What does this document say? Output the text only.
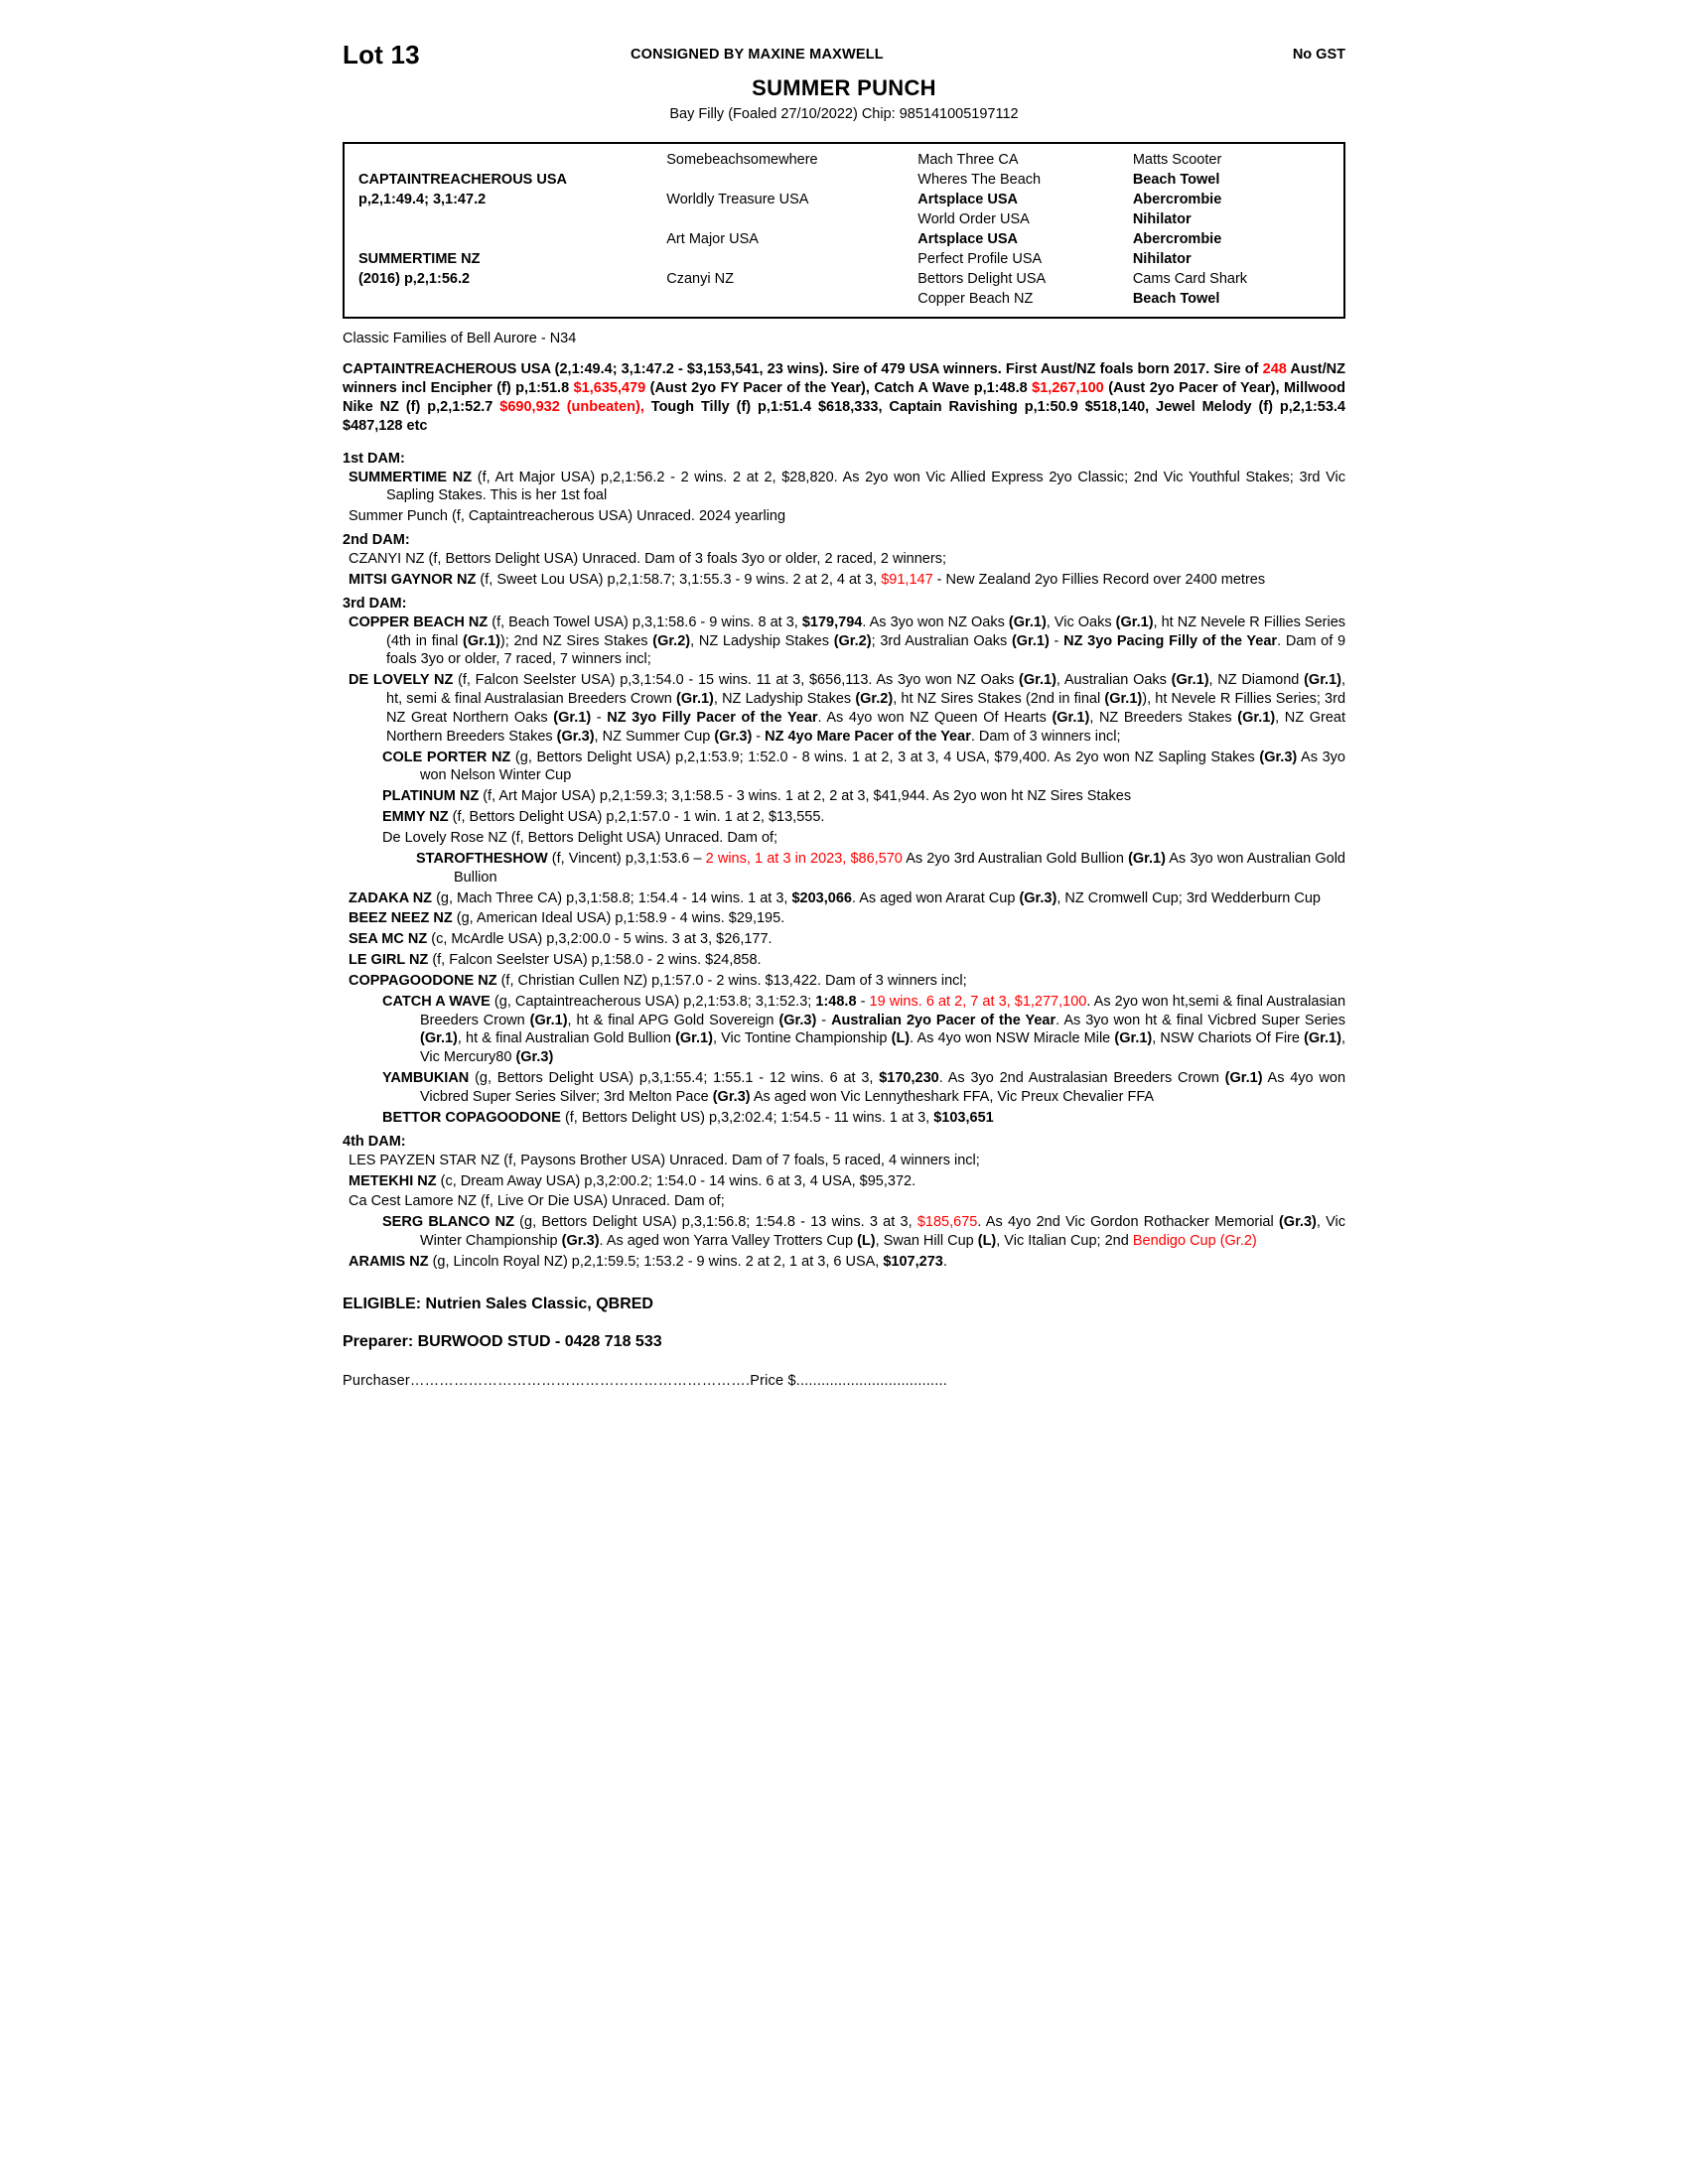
Lot 13	CONSIGNED BY MAXINE MAXWELL	No GST
SUMMER PUNCH
Bay Filly (Foaled 27/10/2022) Chip: 985141005197112
	Somebeachsomewhere	Mach Three CA	Matts Scooter
CAPTAINTREACHEROUS USA		Wheres The Beach	Beach Towel
p,2,1:49.4; 3,1:47.2	Worldly Treasure USA	Artsplace USA	Abercrombie
		World Order USA	Nihilator
	Art Major USA	Artsplace USA	Abercrombie
SUMMERTIME NZ		Perfect Profile USA	Nihilator
(2016) p,2,1:56.2	Czanyi NZ	Bettors Delight USA	Cams Card Shark
		Copper Beach NZ	Beach Towel
Classic Families of Bell Aurore - N34
CAPTAINTREACHEROUS USA (2,1:49.4; 3,1:47.2 - $3,153,541, 23 wins). Sire of 479 USA winners. First Aust/NZ foals born 2017. Sire of 248 Aust/NZ winners incl Encipher (f) p,1:51.8 $1,635,479 (Aust 2yo FY Pacer of the Year), Catch A Wave p,1:48.8 $1,267,100 (Aust 2yo Pacer of Year), Millwood Nike NZ (f) p,2,1:52.7 $690,932 (unbeaten), Tough Tilly (f) p,1:51.4 $618,333, Captain Ravishing p,1:50.9 $518,140, Jewel Melody (f) p,2,1:53.4 $487,128 etc
1st DAM:

SUMMERTIME NZ (f, Art Major USA) p,2,1:56.2 - 2 wins. 2 at 2, $28,820. As 2yo won Vic Allied Express 2yo Classic; 2nd Vic Youthful Stakes; 3rd Vic Sapling Stakes. This is her 1st foal

Summer Punch (f, Captaintreacherous USA) Unraced. 2024 yearling

2nd DAM:

CZANYI NZ (f, Bettors Delight USA) Unraced. Dam of 3 foals 3yo or older, 2 raced, 2 winners;

MITSI GAYNOR NZ (f, Sweet Lou USA) p,2,1:58.7; 3,1:55.3 - 9 wins. 2 at 2, 4 at 3, $91,147 - New Zealand 2yo Fillies Record over 2400 metres

3rd DAM:

COPPER BEACH NZ (f, Beach Towel USA) p,3,1:58.6 - 9 wins. 8 at 3, $179,794. As 3yo won NZ Oaks (Gr.1), Vic Oaks (Gr.1), ht NZ Nevele R Fillies Series (4th in final (Gr.1)); 2nd NZ Sires Stakes (Gr.2), NZ Ladyship Stakes (Gr.2); 3rd Australian Oaks (Gr.1) - NZ 3yo Pacing Filly of the Year. Dam of 9 foals 3yo or older, 7 raced, 7 winners incl;

DE LOVELY NZ (f, Falcon Seelster USA) p,3,1:54.0 - 15 wins. 11 at 3, $656,113. As 3yo won NZ Oaks (Gr.1), Australian Oaks (Gr.1), NZ Diamond (Gr.1), ht, semi & final Australasian Breeders Crown (Gr.1), NZ Ladyship Stakes (Gr.2), ht NZ Sires Stakes (2nd in final (Gr.1)), ht Nevele R Fillies Series; 3rd NZ Great Northern Oaks (Gr.1) - NZ 3yo Filly Pacer of the Year. As 4yo won NZ Queen Of Hearts (Gr.1), NZ Breeders Stakes (Gr.1), NZ Great Northern Breeders Stakes (Gr.3), NZ Summer Cup (Gr.3) - NZ 4yo Mare Pacer of the Year. Dam of 3 winners incl;

COLE PORTER NZ (g, Bettors Delight USA) p,2,1:53.9; 1:52.0 - 8 wins. 1 at 2, 3 at 3, 4 USA, $79,400. As 2yo won NZ Sapling Stakes (Gr.3) As 3yo won Nelson Winter Cup

PLATINUM NZ (f, Art Major USA) p,2,1:59.3; 3,1:58.5 - 3 wins. 1 at 2, 2 at 3, $41,944. As 2yo won ht NZ Sires Stakes

EMMY NZ (f, Bettors Delight USA) p,2,1:57.0 - 1 win. 1 at 2, $13,555.

De Lovely Rose NZ (f, Bettors Delight USA) Unraced. Dam of;

STAROFTHESHOW (f, Vincent) p,3,1:53.6 – 2 wins, 1 at 3 in 2023, $86,570 As 2yo 3rd Australian Gold Bullion (Gr.1) As 3yo won Australian Gold Bullion

ZADAKA NZ (g, Mach Three CA) p,3,1:58.8; 1:54.4 - 14 wins. 1 at 3, $203,066. As aged won Ararat Cup (Gr.3), NZ Cromwell Cup; 3rd Wedderburn Cup

BEEZ NEEZ NZ (g, American Ideal USA) p,1:58.9 - 4 wins. $29,195.

SEA MC NZ (c, McArdle USA) p,3,2:00.0 - 5 wins. 3 at 3, $26,177.

LE GIRL NZ (f, Falcon Seelster USA) p,1:58.0 - 2 wins. $24,858.

COPPAGOODONE NZ (f, Christian Cullen NZ) p,1:57.0 - 2 wins. $13,422. Dam of 3 winners incl;

CATCH A WAVE (g, Captaintreacherous USA) p,2,1:53.8; 3,1:52.3; 1:48.8 - 19 wins. 6 at 2, 7 at 3, $1,277,100. As 2yo won ht,semi & final Australasian Breeders Crown (Gr.1), ht & final APG Gold Sovereign (Gr.3) - Australian 2yo Pacer of the Year. As 3yo won ht & final Vicbred Super Series (Gr.1), ht & final Australian Gold Bullion (Gr.1), Vic Tontine Championship (L). As 4yo won NSW Miracle Mile (Gr.1), NSW Chariots Of Fire (Gr.1), Vic Mercury80 (Gr.3)

YAMBUKIAN (g, Bettors Delight USA) p,3,1:55.4; 1:55.1 - 12 wins. 6 at 3, $170,230. As 3yo 2nd Australasian Breeders Crown (Gr.1) As 4yo won Vicbred Super Series Silver; 3rd Melton Pace (Gr.3) As aged won Vic Lennytheshark FFA, Vic Preux Chevalier FFA

BETTOR COPAGOODONE (f, Bettors Delight US) p,3,2:02.4; 1:54.5 - 11 wins. 1 at 3, $103,651

4th DAM:

LES PAYZEN STAR NZ (f, Paysons Brother USA) Unraced. Dam of 7 foals, 5 raced, 4 winners incl;

METEKHI NZ (c, Dream Away USA) p,3,2:00.2; 1:54.0 - 14 wins. 6 at 3, 4 USA, $95,372.

Ca Cest Lamore NZ (f, Live Or Die USA) Unraced. Dam of;

SERG BLANCO NZ (g, Bettors Delight USA) p,3,1:56.8; 1:54.8 - 13 wins. 3 at 3, $185,675. As 4yo 2nd Vic Gordon Rothacker Memorial (Gr.3), Vic Winter Championship (Gr.3). As aged won Yarra Valley Trotters Cup (L), Swan Hill Cup (L), Vic Italian Cup; 2nd Bendigo Cup (Gr.2)

ARAMIS NZ (g, Lincoln Royal NZ) p,2,1:59.5; 1:53.2 - 9 wins. 2 at 2, 1 at 3, 6 USA, $107,273.

ELIGIBLE: Nutrien Sales Classic, QBRED
Preparer: BURWOOD STUD - 0428 718 533
Purchaser…………………………………………………………….Price $....................................
